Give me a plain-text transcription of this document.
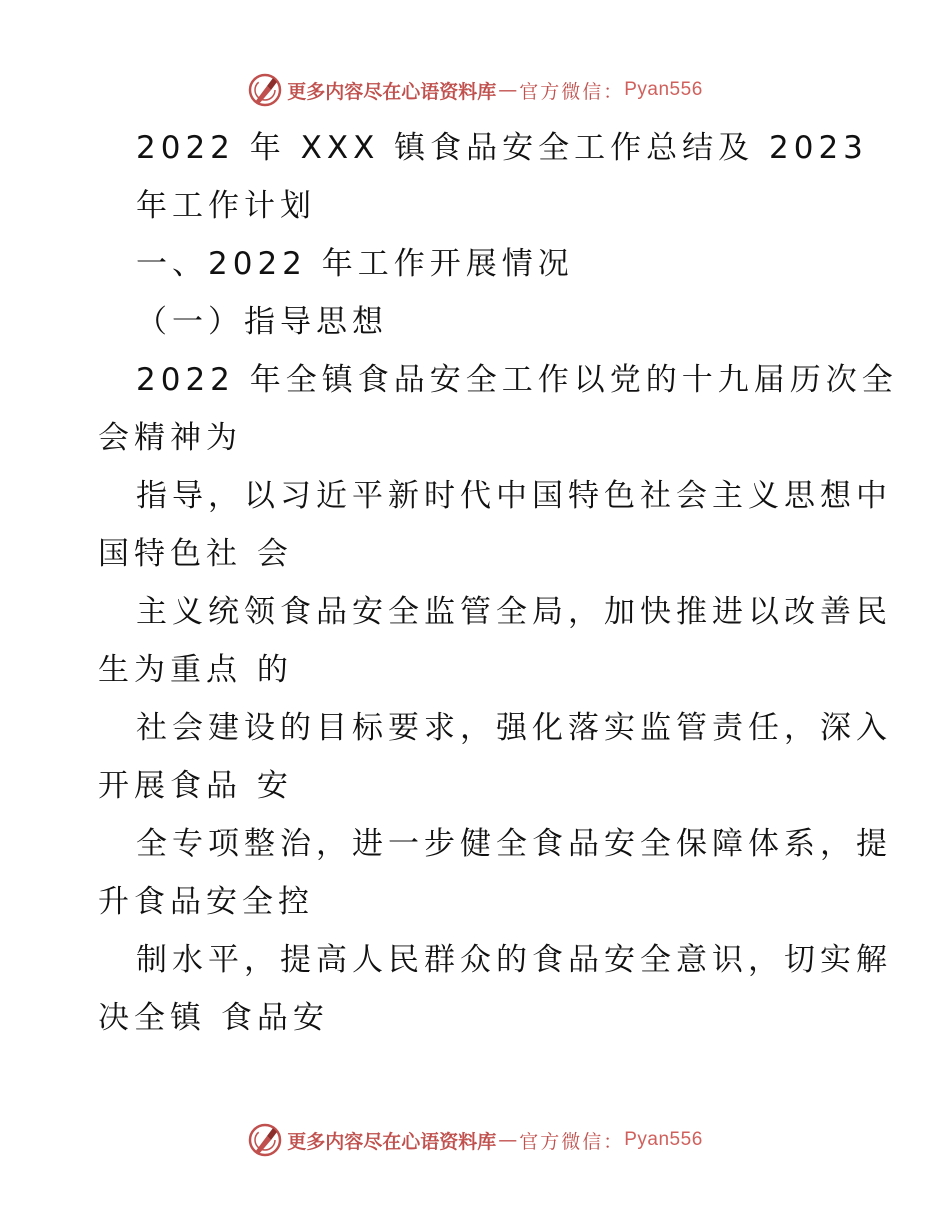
更多内容尽在心语资料库 — 官方微信： Pyan556
2022 年 XXX 镇食品安全工作总结及 2023
年工作计划
一、2022 年工作开展情况
（一）指导思想
2022 年全镇食品安全工作以党的十九届历次全
会精神为
指导，以习近平新时代中国特色社会主义思想中
国特色社 会
主义统领食品安全监管全局，加快推进以改善民
生为重点 的
社会建设的目标要求，强化落实监管责任，深入
开展食品 安
全专项整治，进一步健全食品安全保障体系，提
升食品安全控
制水平，提高人民群众的食品安全意识，切实解
决全镇 食品安
更多内容尽在心语资料库 — 官方微信： Pyan556
